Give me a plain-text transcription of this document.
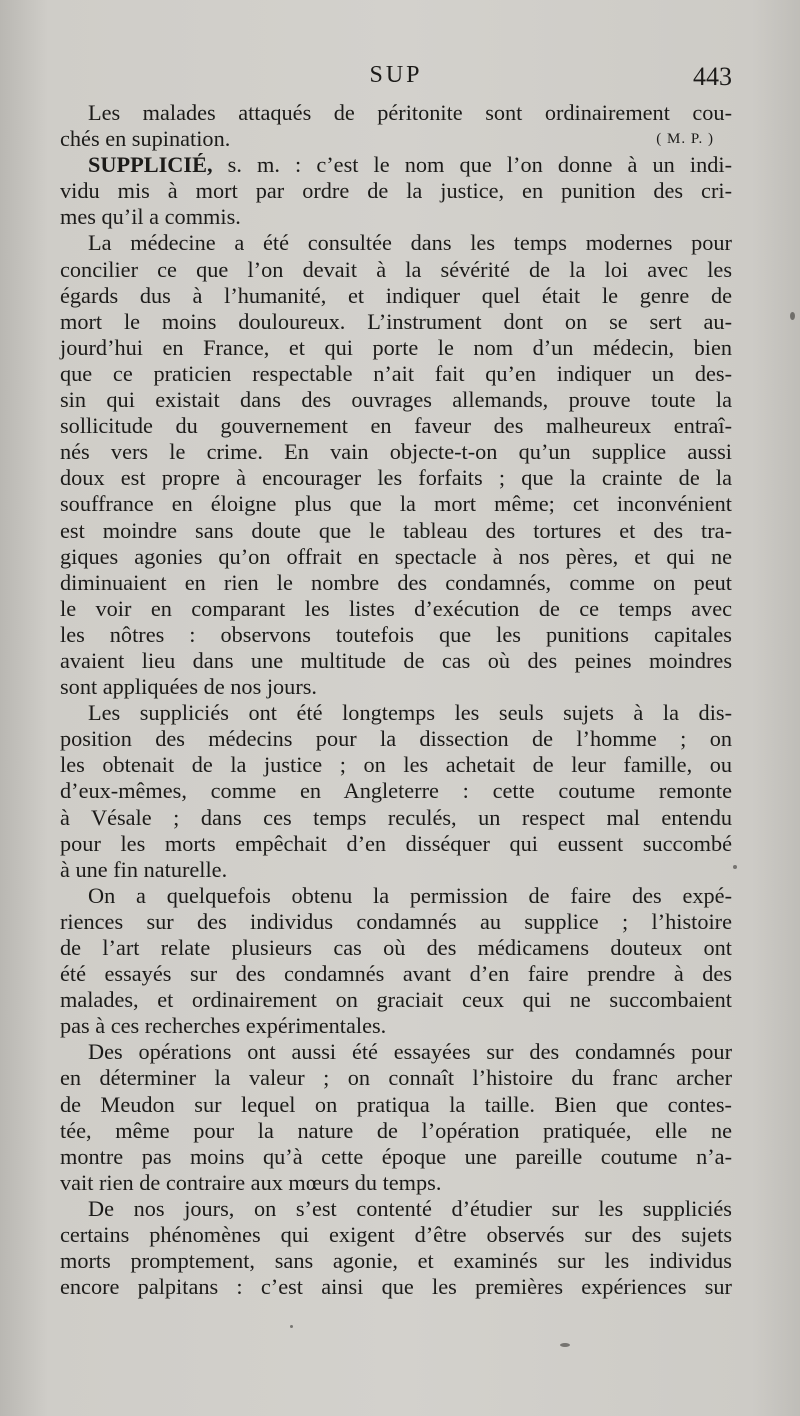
SUP	443
Les malades attaqués de péritonite sont ordinairement cou-
chés en supination.	( M. P. )
SUPPLICIÉ, s. m. : c’est le nom que l’on donne à un indi-
vidu mis à mort par ordre de la justice, en punition des cri-
mes qu’il a commis.
La médecine a été consultée dans les temps modernes pour
concilier ce que l’on devait à la sévérité de la loi avec les
égards dus à l’humanité, et indiquer quel était le genre de
mort le moins douloureux. L’instrument dont on se sert au-
jourd’hui en France, et qui porte le nom d’un médecin, bien
que ce praticien respectable n’ait fait qu’en indiquer un des-
sin qui existait dans des ouvrages allemands, prouve toute la
sollicitude du gouvernement en faveur des malheureux entraî-
nés vers le crime. En vain objecte-t-on qu’un supplice aussi
doux est propre à encourager les forfaits ; que la crainte de la
souffrance en éloigne plus que la mort même; cet inconvénient
est moindre sans doute que le tableau des tortures et des tra-
giques agonies qu’on offrait en spectacle à nos pères, et qui ne
diminuaient en rien le nombre des condamnés, comme on peut
le voir en comparant les listes d’exécution de ce temps avec
les nôtres : observons toutefois que les punitions capitales
avaient lieu dans une multitude de cas où des peines moindres
sont appliquées de nos jours.
Les suppliciés ont été longtemps les seuls sujets à la dis-
position des médecins pour la dissection de l’homme ; on
les obtenait de la justice ; on les achetait de leur famille, ou
d’eux-mêmes, comme en Angleterre : cette coutume remonte
à Vésale ; dans ces temps reculés, un respect mal entendu
pour les morts empêchait d’en disséquer qui eussent succombé
à une fin naturelle.
On a quelquefois obtenu la permission de faire des expé-
riences sur des individus condamnés au supplice ; l’histoire
de l’art relate plusieurs cas où des médicamens douteux ont
été essayés sur des condamnés avant d’en faire prendre à des
malades, et ordinairement on graciait ceux qui ne succombaient
pas à ces recherches expérimentales.
Des opérations ont aussi été essayées sur des condamnés pour
en déterminer la valeur ; on connaît l’histoire du franc archer
de Meudon sur lequel on pratiqua la taille. Bien que contes-
tée, même pour la nature de l’opération pratiquée, elle ne
montre pas moins qu’à cette époque une pareille coutume n’a-
vait rien de contraire aux mœurs du temps.
De nos jours, on s’est contenté d’étudier sur les suppliciés
certains phénomènes qui exigent d’être observés sur des sujets
morts promptement, sans agonie, et examinés sur les individus
encore palpitans : c’est ainsi que les premières expériences sur
